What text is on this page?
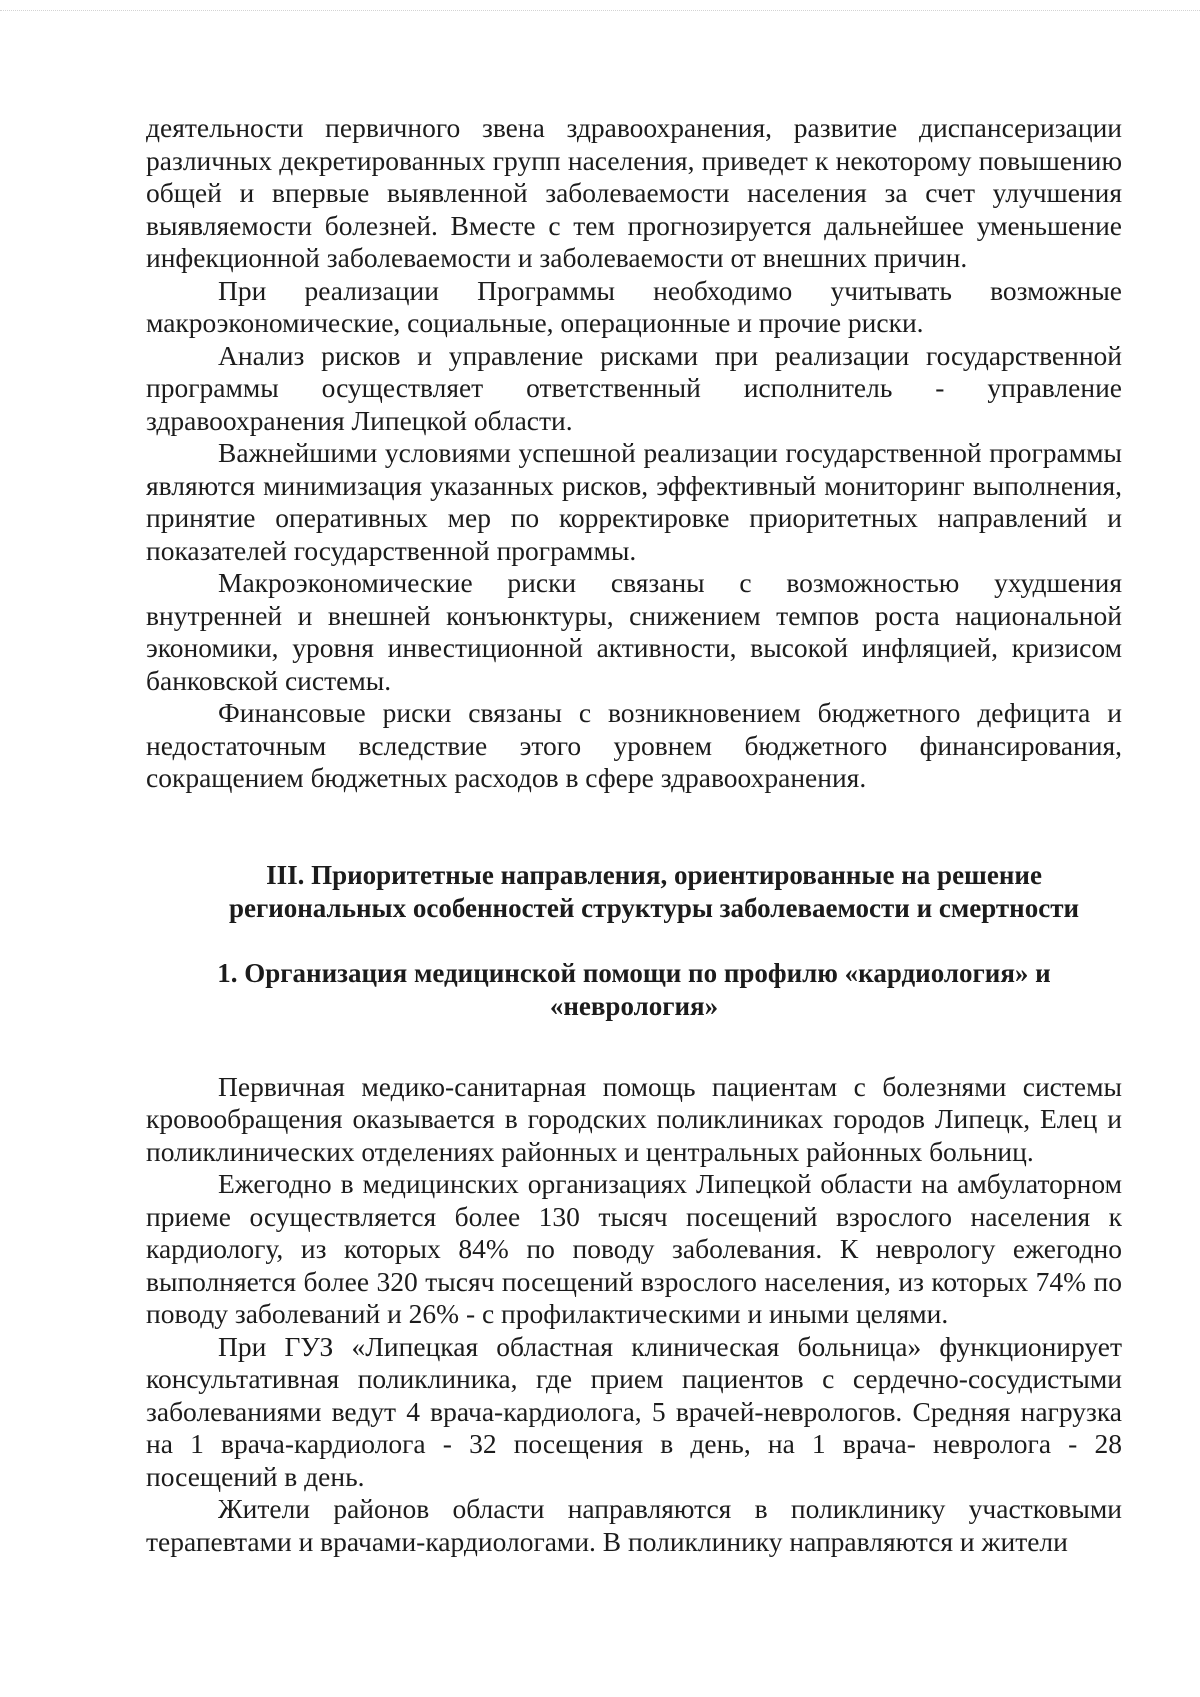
деятельности первичного звена здравоохранения, развитие диспансеризации различных декретированных групп населения, приведет к некоторому повышению общей и впервые выявленной заболеваемости населения за счет улучшения выявляемости болезней. Вместе с тем прогнозируется дальнейшее уменьшение инфекционной заболеваемости и заболеваемости от внешних причин.

При реализации Программы необходимо учитывать возможные макроэкономические, социальные, операционные и прочие риски.

Анализ рисков и управление рисками при реализации государственной программы осуществляет ответственный исполнитель - управление здравоохранения Липецкой области.

Важнейшими условиями успешной реализации государственной программы являются минимизация указанных рисков, эффективный мониторинг выполнения, принятие оперативных мер по корректировке приоритетных направлений и показателей государственной программы.

Макроэкономические риски связаны с возможностью ухудшения внутренней и внешней конъюнктуры, снижением темпов роста национальной экономики, уровня инвестиционной активности, высокой инфляцией, кризисом банковской системы.

Финансовые риски связаны с возникновением бюджетного дефицита и недостаточным вследствие этого уровнем бюджетного финансирования, сокращением бюджетных расходов в сфере здравоохранения.

III. Приоритетные направления, ориентированные на решение региональных особенностей структуры заболеваемости и смертности

1. Организация медицинской помощи по профилю «кардиология» и «неврология»

Первичная медико-санитарная помощь пациентам с болезнями системы кровообращения оказывается в городских поликлиниках городов Липецк, Елец и поликлинических отделениях районных и центральных районных больниц.

Ежегодно в медицинских организациях Липецкой области на амбулаторном приеме осуществляется более 130 тысяч посещений взрослого населения к кардиологу, из которых 84% по поводу заболевания. К неврологу ежегодно выполняется более 320 тысяч посещений взрослого населения, из которых 74% по поводу заболеваний и 26% - с профилактическими и иными целями.

При ГУЗ «Липецкая областная клиническая больница» функционирует консультативная поликлиника, где прием пациентов с сердечно-сосудистыми заболеваниями ведут 4 врача-кардиолога, 5 врачей-неврологов. Средняя нагрузка на 1 врача-кардиолога - 32 посещения в день, на 1 врача- невролога - 28 посещений в день.

Жители районов области направляются в поликлинику участковыми терапевтами и врачами-кардиологами. В поликлинику направляются и жители
